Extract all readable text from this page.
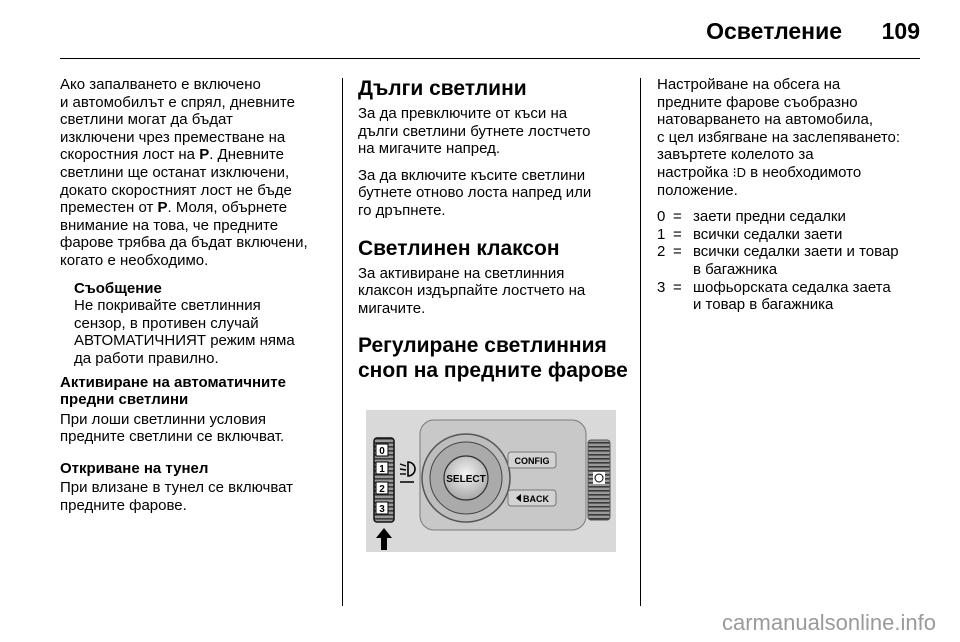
Осветление 109

Ако запалването е включено
и автомобилът е спрял, дневните
светлини могат да бъдат
изключени чрез преместване на
скоростния лост на P. Дневните
светлини ще останат изключени,
докато скоростният лост не бъде
преместен от P. Моля, обърнете
внимание на това, че предните
фарове трябва да бъдат включени,
когато е необходимо.

Съобщение
Не покривайте светлинния
сензор, в противен случай
АВТОМАТИЧНИЯТ режим няма
да работи правилно.
Активиране на автоматичните
предни светлини

При лоши светлинни условия
предните светлини се включват.

Откриване на тунел

При влизане в тунел се включват
предните фарове.

Дълги светлини

За да превключите от къси на
дълги светлини бутнете лостчето
на мигачите напред.

За да включите късите светлини
бутнете отново лоста напред или
го дръпнете.

Светлинен клаксон

За активиране на светлинния
клаксон издърпайте лостчето на
мигачите.

Регулиране светлинния
сноп на предните фарове
0
1
2
3
SELECT
CONFIG
BACK

Настройване на обсега на
предните фарове съобразно
натоварването на автомобила,
с цел избягване на заслепяването:
завъртете колелото за
настройка ⁝D в необходимото
положение.

0 = заети предни седалки
1 = всички седалки заети
2 = всички седалки заети и товар
в багажника
3 = шофьорската седалка заета
и товар в багажника
carmanualsonline.info
